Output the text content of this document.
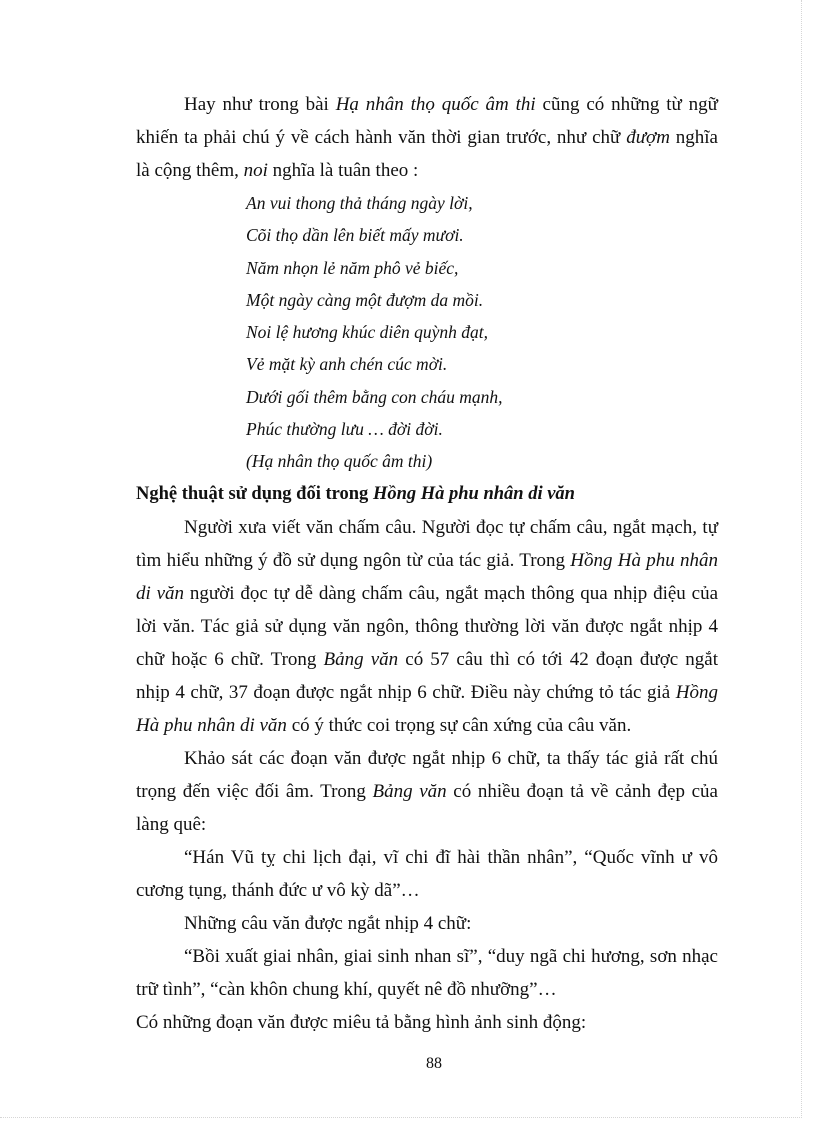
Hay như trong bài Hạ nhân thọ quốc âm thi cũng có những từ ngữ khiến ta phải chú ý về cách hành văn thời gian trước, như chữ đượm nghĩa là cộng thêm, noi nghĩa là tuân theo :

An vui thong thả tháng ngày lời,
Cõi thọ dần lên biết mấy mươi.
Năm nhọn lẻ năm phô vẻ biếc,
Một ngày càng một đượm da mồi.
Noi lệ hương khúc diên quỳnh đạt,
Vẻ mặt kỳ anh chén cúc mời.
Dưới gối thêm bằng con cháu mạnh,
Phúc thường lưu … đời đời.
(Hạ nhân thọ quốc âm thi)

Nghệ thuật sử dụng đối trong Hồng Hà phu nhân di văn

Người xưa viết văn chấm câu. Người đọc tự chấm câu, ngắt mạch, tự tìm hiểu những ý đồ sử dụng ngôn từ của tác giả. Trong Hồng Hà phu nhân di văn người đọc tự dễ dàng chấm câu, ngắt mạch thông qua nhịp điệu của lời văn. Tác giả sử dụng văn ngôn, thông thường lời văn được ngắt nhịp 4 chữ hoặc 6 chữ. Trong Bảng văn có 57 câu thì có tới 42 đoạn được ngắt nhịp 4 chữ, 37 đoạn được ngắt nhịp 6 chữ. Điều này chứng tỏ tác giả Hồng Hà phu nhân di văn có ý thức coi trọng sự cân xứng của câu văn.

Khảo sát các đoạn văn được ngắt nhịp 6 chữ, ta thấy tác giả rất chú trọng đến việc đối âm. Trong Bảng văn có nhiều đoạn tả về cảnh đẹp của làng quê:

“Hán Vũ tỵ chi lịch đại, vĩ chi đĩ hài thần nhân”, “Quốc vĩnh ư vô cương tụng, thánh đức ư vô kỳ dã”…

Những câu văn được ngắt nhịp 4 chữ:

“Bồi xuất giai nhân, giai sinh nhan sĩ”, “duy ngã chi hương, sơn nhạc trữ tình”, “càn khôn chung khí, quyết nê đồ nhưỡng”…

Có những đoạn văn được miêu tả bằng hình ảnh sinh động:

88
